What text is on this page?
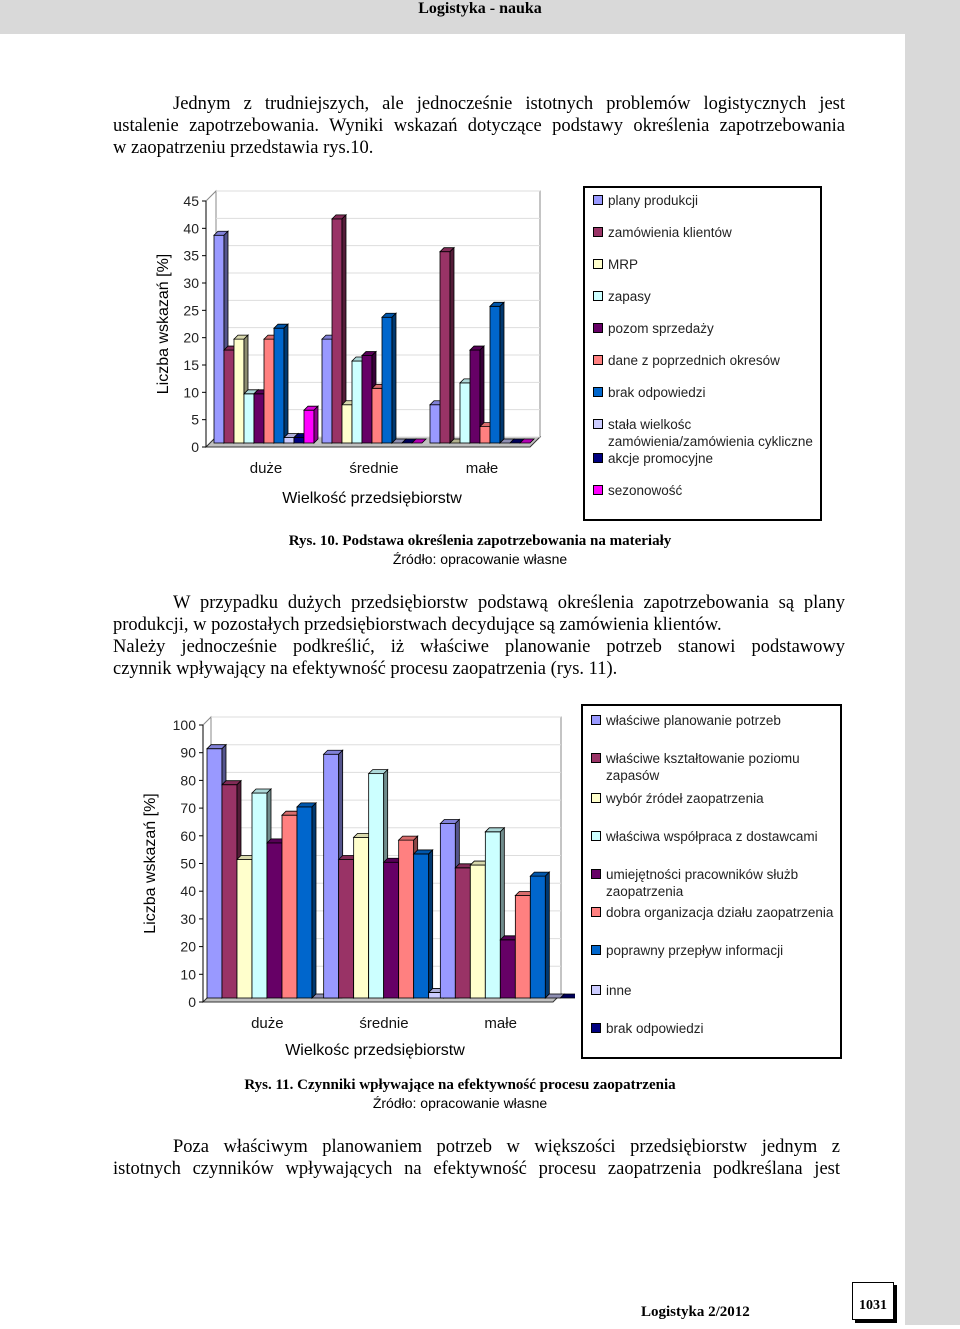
Logistyka - nauka
Jednym z trudniejszych, ale jednocześnie istotnych problemów logistycznych jest
ustalenie zapotrzebowania. Wyniki wskazań dotyczące podstawy określenia zapotrzebowania
w zaopatrzeniu przedstawia rys.10.
0
5
10
15
20
25
30
35
40
45
duże	średnie	małe
Wielkość przedsiębiorstw
Liczba wskazań [%]
plany produkcji
zamówienia klientów
MRP
zapasy
pozom sprzedaży
dane z poprzednich okresów
brak odpowiedzi
stała wielkośc zamówienia/zamówienia cykliczne
akcje promocyjne
sezonowość
Rys. 10. Podstawa określenia zapotrzebowania na materiały
Źródło: opracowanie własne
W przypadku dużych przedsiębiorstw podstawą określenia zapotrzebowania są plany
produkcji, w pozostałych przedsiębiorstwach decydujące są zamówienia klientów.
Należy jednocześnie podkreślić, iż właściwe planowanie potrzeb stanowi podstawowy
czynnik wpływający na efektywność procesu zaopatrzenia (rys. 11).
0
10
20
30
40
50
60
70
80
90
100
duże	średnie	małe
Wielkośc przedsiębiorstw
Liczba wskazań [%]
właściwe planowanie potrzeb
właściwe kształtowanie poziomu zapasów
wybór źródeł zaopatrzenia
właściwa współpraca z dostawcami
umiejętności pracowników służb zaopatrzenia
dobra organizacja działu zaopatrzenia
poprawny przepływ informacji
inne
brak odpowiedzi
Rys. 11. Czynniki wpływające na efektywność procesu zaopatrzenia
Źródło: opracowanie własne
Poza właściwym planowaniem potrzeb w większości przedsiębiorstw jednym z
istotnych czynników wpływających na efektywność procesu zaopatrzenia podkreślana jest
Logistyka 2/2012	1031
